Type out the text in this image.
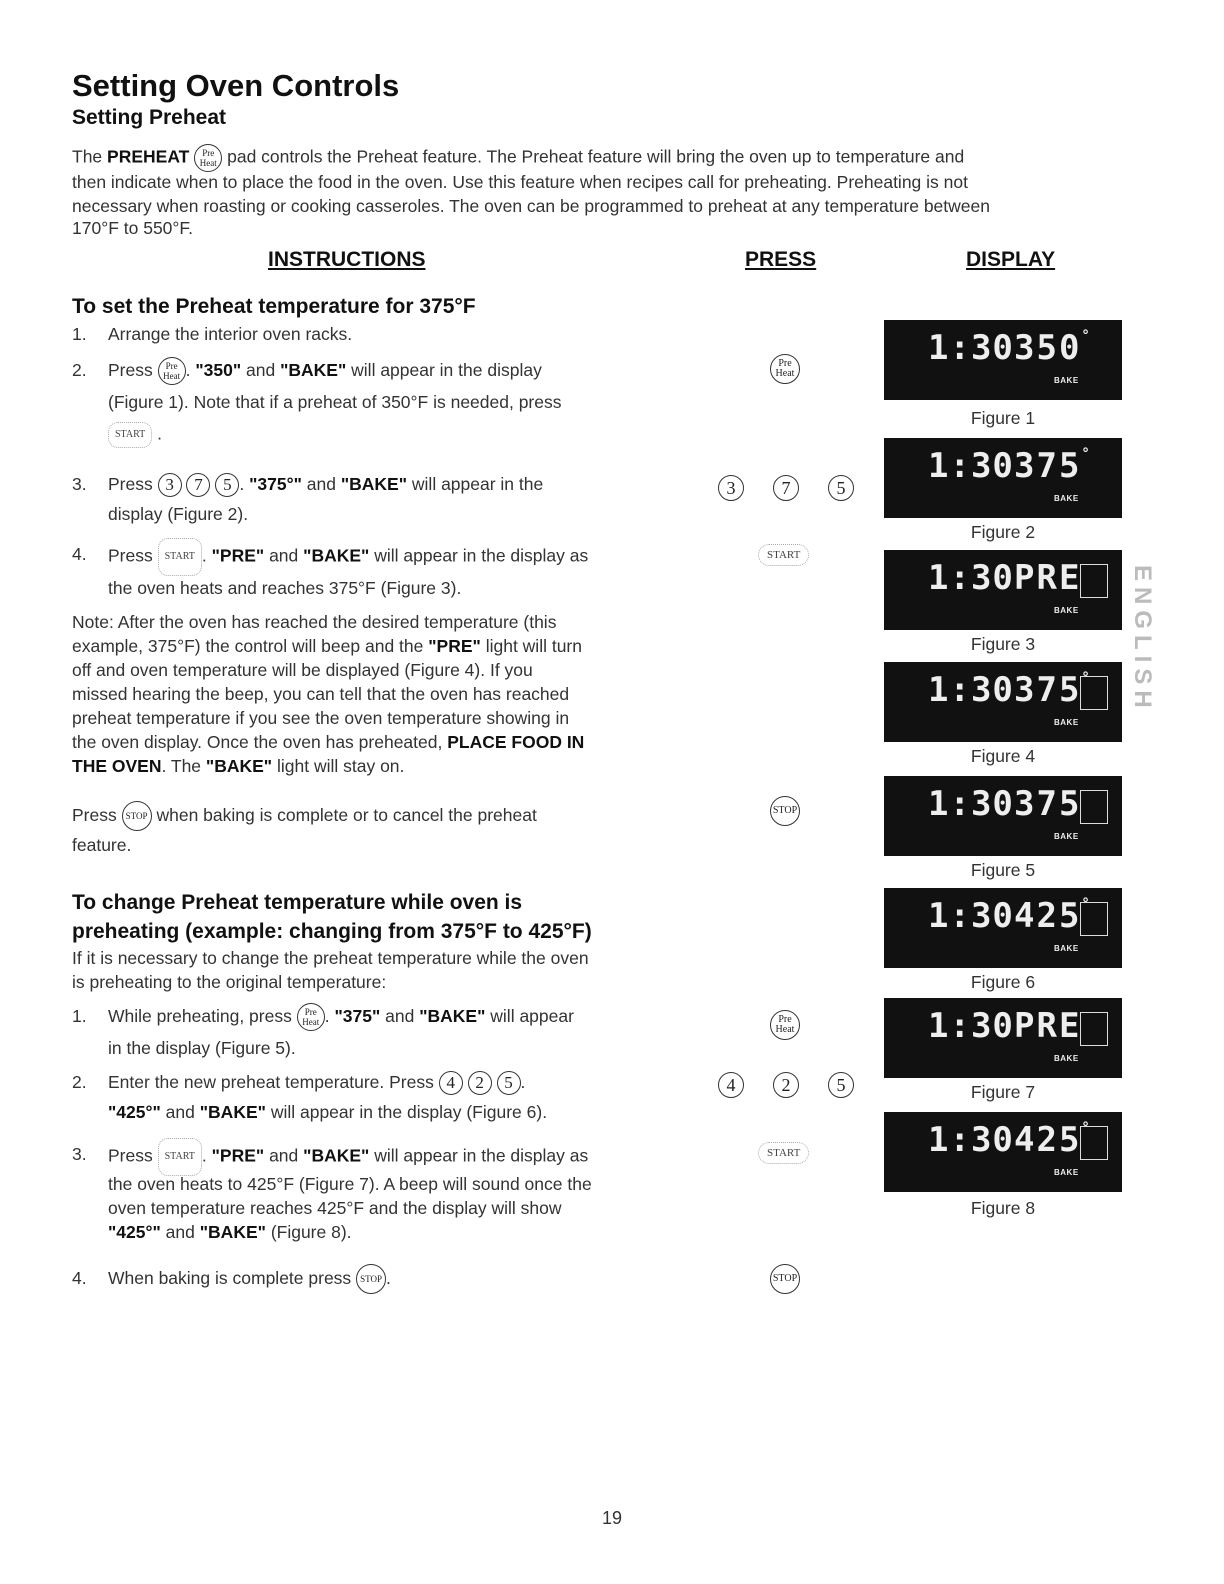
Setting Oven Controls
Setting Preheat
The PREHEAT Pre
Heat pad controls the Preheat feature. The Preheat feature will bring the oven up to temperature and
then indicate when to place the food in the oven. Use this feature when recipes call for preheating. Preheating is not
necessary when roasting or cooking casseroles. The oven can be programmed to preheat at any temperature between
170°F to 550°F.
INSTRUCTIONS	PRESS	DISPLAY
To set the Preheat temperature for 375°F
1. Arrange the interior oven racks.
2. Press Pre
Heat . "350" and "BAKE" will appear in the display
(Figure 1). Note that if a preheat of 350°F is needed, press
START .
3. Press 3 7 5 . "375°" and "BAKE" will appear in the
display (Figure 2).
4. Press START . "PRE" and "BAKE" will appear in the display as
the oven heats and reaches 375°F (Figure 3).
Note: After the oven has reached the desired temperature (this
example, 375°F) the control will beep and the "PRE" light will turn
off and oven temperature will be displayed (Figure 4). If you
missed hearing the beep, you can tell that the oven has reached
preheat temperature if you see the oven temperature showing in
the oven display. Once the oven has preheated, PLACE FOOD IN
THE OVEN. The "BAKE" light will stay on.
Press STOP when baking is complete or to cancel the preheat
feature.
To change Preheat temperature while oven is
preheating (example: changing from 375°F to 425°F)
If it is necessary to change the preheat temperature while the oven
is preheating to the original temperature:
1. While preheating, press Pre
Heat . "375" and "BAKE" will appear
in the display (Figure 5).
2. Enter the new preheat temperature. Press 4 2 5 .
"425°" and "BAKE" will appear in the display (Figure 6).
3. Press START . "PRE" and "BAKE" will appear in the display as
the oven heats to 425°F (Figure 7). A beep will sound once the
oven temperature reaches 425°F and the display will show
"425°" and "BAKE" (Figure 8).
4. When baking is complete press STOP .
Pre
Heat
3	7	5
START
STOP
Pre
Heat
4	2	5
START
STOP
1:30 350°
BAKE
Figure 1
1:30 375°
BAKE
Figure 2
1:30 PRE
BAKE
Figure 3
1:30 375°
BAKE
Figure 4
1:30 375
BAKE
Figure 5
1:30 425°
BAKE
Figure 6
1:30 PRE
BAKE
Figure 7
1:30 425°
BAKE
Figure 8
ENGLISH
19
